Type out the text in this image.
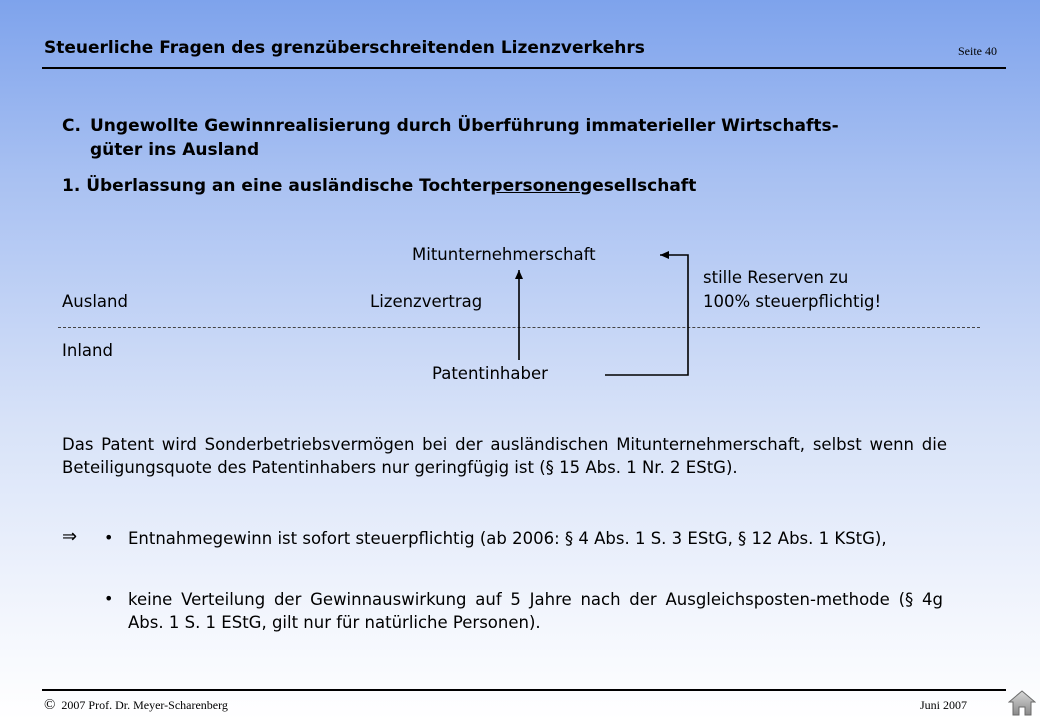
Steuerliche Fragen des grenzüberschreitenden Lizenzverkehrs	Seite 40
C. Ungewollte Gewinnrealisierung durch Überführung immaterieller Wirtschafts-
güter ins Ausland
1. Überlassung an eine ausländische Tochterpersonengesellschaft
Mitunternehmerschaft
stille Reserven zu
100% steuerpflichtig!
Ausland	Lizenzvertrag
Inland
Patentinhaber
Das Patent wird Sonderbetriebsvermögen bei der ausländischen Mitunternehmerschaft, selbst wenn die Beteiligungsquote des Patentinhabers nur geringfügig ist (§ 15 Abs. 1 Nr. 2 EStG).
⇒ • Entnahmegewinn ist sofort steuerpflichtig (ab 2006: § 4 Abs. 1 S. 3 EStG, § 12 Abs. 1 KStG),
• keine Verteilung der Gewinnauswirkung auf 5 Jahre nach der Ausgleichsposten-methode (§ 4g Abs. 1 S. 1 EStG, gilt nur für natürliche Personen).
© 2007 Prof. Dr. Meyer-Scharenberg	Juni 2007
